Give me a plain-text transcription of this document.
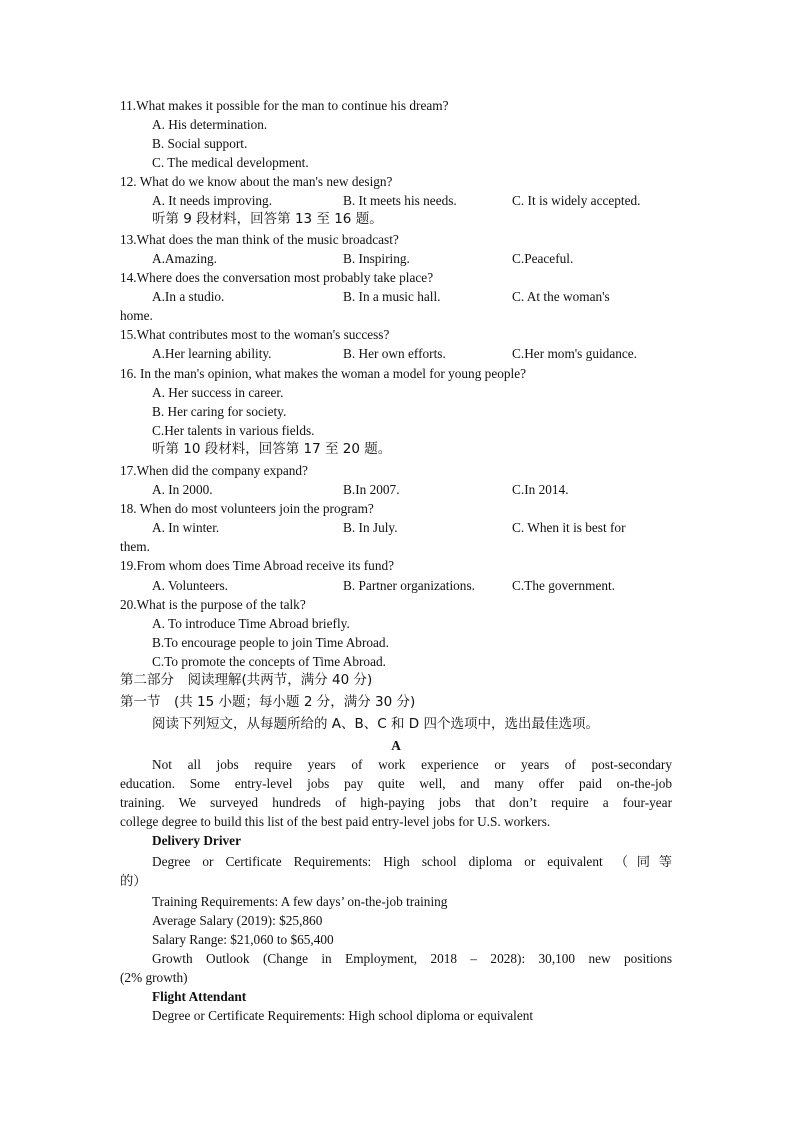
11.What makes it possible for the man to continue his dream?
A. His determination.
B. Social support.
C. The medical development.
12. What do we know about the man's new design?
A. It needs improving.	B. It meets his needs.	C. It is widely accepted.
听第 9 段材料，回答第 13 至 16 题。
13.What does the man think of the music broadcast?
A.Amazing.	B. Inspiring.	C.Peaceful.
14.Where does the conversation most probably take place?
A.In a studio.	B. In a music hall.	C. At the woman's
home.
15.What contributes most to the woman's success?
A.Her learning ability.	B. Her own efforts.	C.Her mom's guidance.
16. In the man's opinion, what makes the woman a model for young people?
A. Her success in career.
B. Her caring for society.
C.Her talents in various fields.
听第 10 段材料，回答第 17 至 20 题。
17.When did the company expand?
A. In 2000.	B.In 2007.	C.In 2014.
18. When do most volunteers join the program?
A. In winter.	B. In July.	C. When it is best for
them.
19.From whom does Time Abroad receive its fund?
A. Volunteers.	B. Partner organizations.	C.The government.
20.What is the purpose of the talk?
A. To introduce Time Abroad briefly.
B.To encourage people to join Time Abroad.
C.To promote the concepts of Time Abroad.
第二部分　阅读理解(共两节，满分 40 分)
第一节　(共 15 小题；每小题 2 分，满分 30 分)
阅读下列短文，从每题所给的 A、B、C 和 D 四个选项中，选出最佳选项。
A
Not all jobs require years of work experience or years of post-secondary
education. Some entry-level jobs pay quite well, and many offer paid on-the-job
training. We surveyed hundreds of high-paying jobs that don’t require a four-year
college degree to build this list of the best paid entry-level jobs for U.S. workers.
Delivery Driver
Degree or Certificate Requirements: High school diploma or equivalent （同等
的）
Training Requirements: A few days’ on-the-job training
Average Salary (2019): $25,860
Salary Range: $21,060 to $65,400
Growth Outlook (Change in Employment, 2018 – 2028): 30,100 new positions
(2% growth)
Flight Attendant
Degree or Certificate Requirements: High school diploma or equivalent
